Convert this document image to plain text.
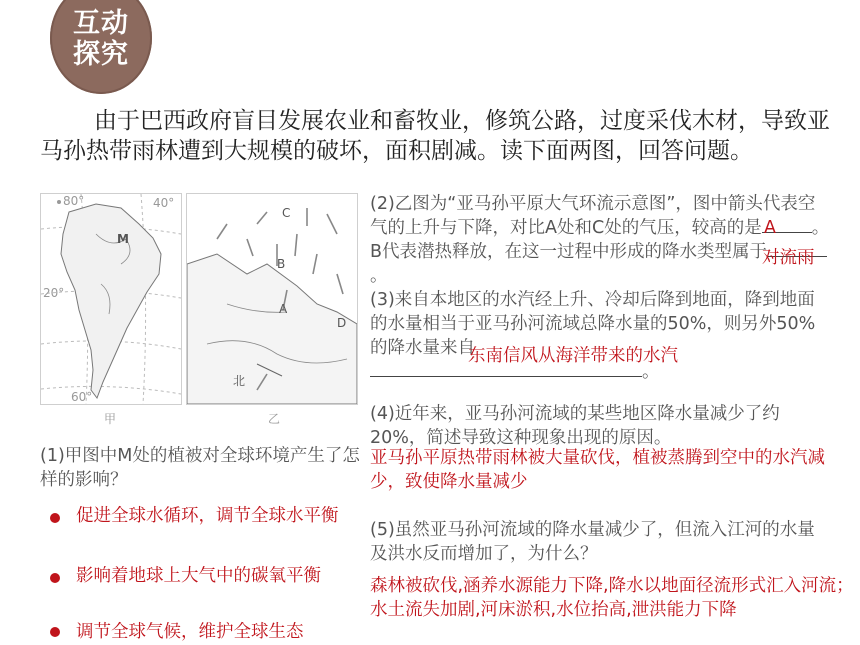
互动
探究
由于巴西政府盲目发展农业和畜牧业，修筑公路，过度采伐木材，导致亚马孙热带雨林遭到大规模的破坏，面积剧减。读下面两图，回答问题。
80°	40°
M
20°
60°
甲
C
B
A
D
北
乙
(1)甲图中M处的植被对全球环境产生了怎样的影响？
促进全球水循环，调节全球水平衡
影响着地球上大气中的碳氧平衡
调节全球气候，维护全球生态
(2)乙图为“亚马孙平原大气环流示意图”，图中箭头代表空气的上升与下降，对比A处和C处的气压，较高的是	。B代表潜热释放，在这一过程中形成的降水类型属于。
A
对流雨
(3)来自本地区的水汽经上升、冷却后降到地面，降到地面的水量相当于亚马孙河流域总降水量的50%，则另外50%的降水量来自
。
东南信风从海洋带来的水汽
(4)近年来，亚马孙河流域的某些地区降水量减少了约20%，简述导致这种现象出现的原因。
亚马孙平原热带雨林被大量砍伐，植被蒸腾到空中的水汽减少，致使降水量减少
(5)虽然亚马孙河流域的降水量减少了，但流入江河的水量及洪水反而增加了，为什么？
森林被砍伐,涵养水源能力下降,降水以地面径流形式汇入河流；水土流失加剧,河床淤积,水位抬高,泄洪能力下降
